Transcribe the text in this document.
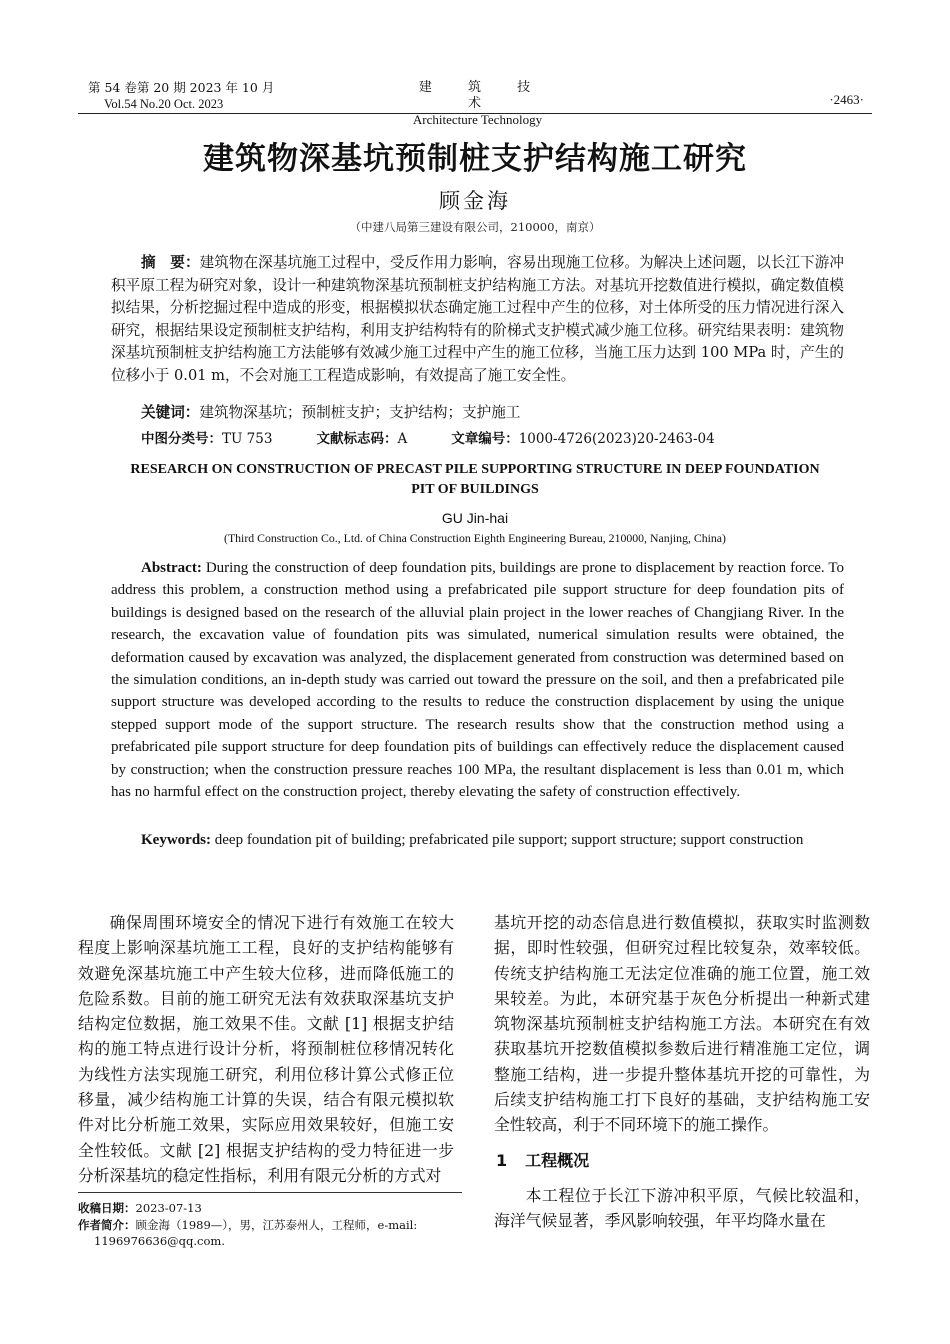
第 54 卷第 20 期 2023 年 10 月
Vol.54 No.20 Oct. 2023
建 筑 技 术
Architecture Technology
·2463·
建筑物深基坑预制桩支护结构施工研究
顾金海
（中建八局第三建设有限公司，210000，南京）
摘　要：建筑物在深基坑施工过程中，受反作用力影响，容易出现施工位移。为解决上述问题，以长江下游冲积平原工程为研究对象，设计一种建筑物深基坑预制桩支护结构施工方法。对基坑开挖数值进行模拟，确定数值模拟结果，分析挖掘过程中造成的形变，根据模拟状态确定施工过程中产生的位移，对土体所受的压力情况进行深入研究，根据结果设定预制桩支护结构，利用支护结构特有的阶梯式支护模式减少施工位移。研究结果表明：建筑物深基坑预制桩支护结构施工方法能够有效减少施工过程中产生的施工位移，当施工压力达到 100 MPa 时，产生的位移小于 0.01 m，不会对施工工程造成影响，有效提高了施工安全性。
关键词：建筑物深基坑；预制桩支护；支护结构；支护施工
中图分类号：TU 753	文献标志码：A	文章编号：1000-4726(2023)20-2463-04
RESEARCH ON CONSTRUCTION OF PRECAST PILE SUPPORTING STRUCTURE IN DEEP FOUNDATION PIT OF BUILDINGS
GU Jin-hai
(Third Construction Co., Ltd. of China Construction Eighth Engineering Bureau, 210000, Nanjing, China)
Abstract: During the construction of deep foundation pits, buildings are prone to displacement by reaction force. To address this problem, a construction method using a prefabricated pile support structure for deep foundation pits of buildings is designed based on the research of the alluvial plain project in the lower reaches of Changjiang River. In the research, the excavation value of foundation pits was simulated, numerical simulation results were obtained, the deformation caused by excavation was analyzed, the displacement generated from construction was determined based on the simulation conditions, an in-depth study was carried out toward the pressure on the soil, and then a prefabricated pile support structure was developed according to the results to reduce the construction displacement by using the unique stepped support mode of the support structure. The research results show that the construction method using a prefabricated pile support structure for deep foundation pits of buildings can effectively reduce the displacement caused by construction; when the construction pressure reaches 100 MPa, the resultant displacement is less than 0.01 m, which has no harmful effect on the construction project, thereby elevating the safety of construction effectively.
Keywords: deep foundation pit of building; prefabricated pile support; support structure; support construction
确保周围环境安全的情况下进行有效施工在较大程度上影响深基坑施工工程，良好的支护结构能够有效避免深基坑施工中产生较大位移，进而降低施工的危险系数。目前的施工研究无法有效获取深基坑支护结构定位数据，施工效果不佳。文献 [1] 根据支护结构的施工特点进行设计分析，将预制桩位移情况转化为线性方法实现施工研究，利用位移计算公式修正位移量，减少结构施工计算的失误，结合有限元模拟软件对比分析施工效果，实际应用效果较好，但施工安全性较低。文献 [2] 根据支护结构的受力特征进一步分析深基坑的稳定性指标，利用有限元分析的方式对
基坑开挖的动态信息进行数值模拟，获取实时监测数据，即时性较强，但研究过程比较复杂，效率较低。传统支护结构施工无法定位准确的施工位置，施工效果较差。为此，本研究基于灰色分析提出一种新式建筑物深基坑预制桩支护结构施工方法。本研究在有效获取基坑开挖数值模拟参数后进行精准施工定位，调整施工结构，进一步提升整体基坑开挖的可靠性，为后续支护结构施工打下良好的基础，支护结构施工安全性较高，利于不同环境下的施工操作。
1 工程概况
本工程位于长江下游冲积平原，气候比较温和，海洋气候显著，季风影响较强，年平均降水量在
收稿日期：2023-07-13
作者简介：顾金海（1989—），男，江苏泰州人，工程师，e-mail:
1196976636@qq.com.
